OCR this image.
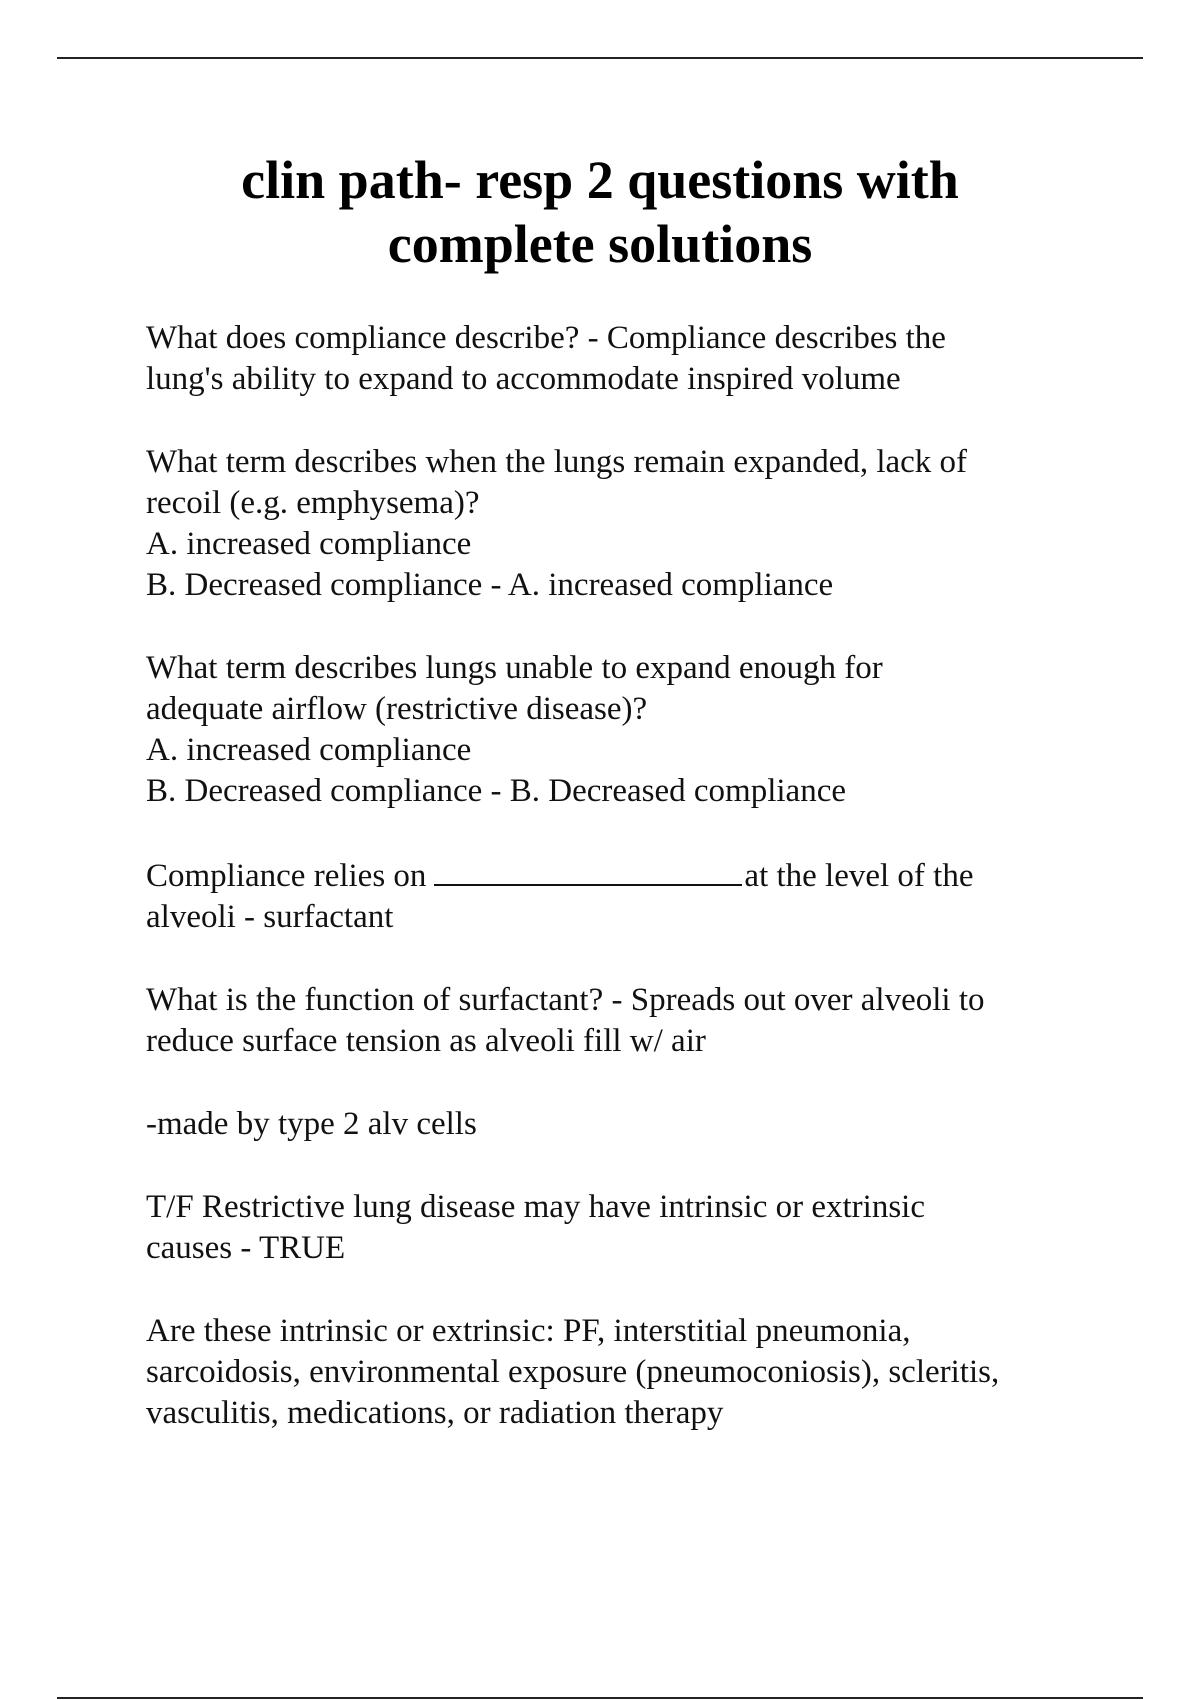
clin path- resp 2 questions with
complete solutions

What does compliance describe? - Compliance describes the
lung's ability to expand to accommodate inspired volume

What term describes when the lungs remain expanded, lack of
recoil (e.g. emphysema)?
A. increased compliance
B. Decreased compliance - A. increased compliance

What term describes lungs unable to expand enough for
adequate airflow (restrictive disease)?
A. increased compliance
B. Decreased compliance - B. Decreased compliance

Compliance relies on	at the level of the
alveoli - surfactant

What is the function of surfactant? - Spreads out over alveoli to
reduce surface tension as alveoli fill w/ air

-made by type 2 alv cells

T/F Restrictive lung disease may have intrinsic or extrinsic
causes - TRUE

Are these intrinsic or extrinsic: PF, interstitial pneumonia,
sarcoidosis, environmental exposure (pneumoconiosis), scleritis,
vasculitis, medications, or radiation therapy
